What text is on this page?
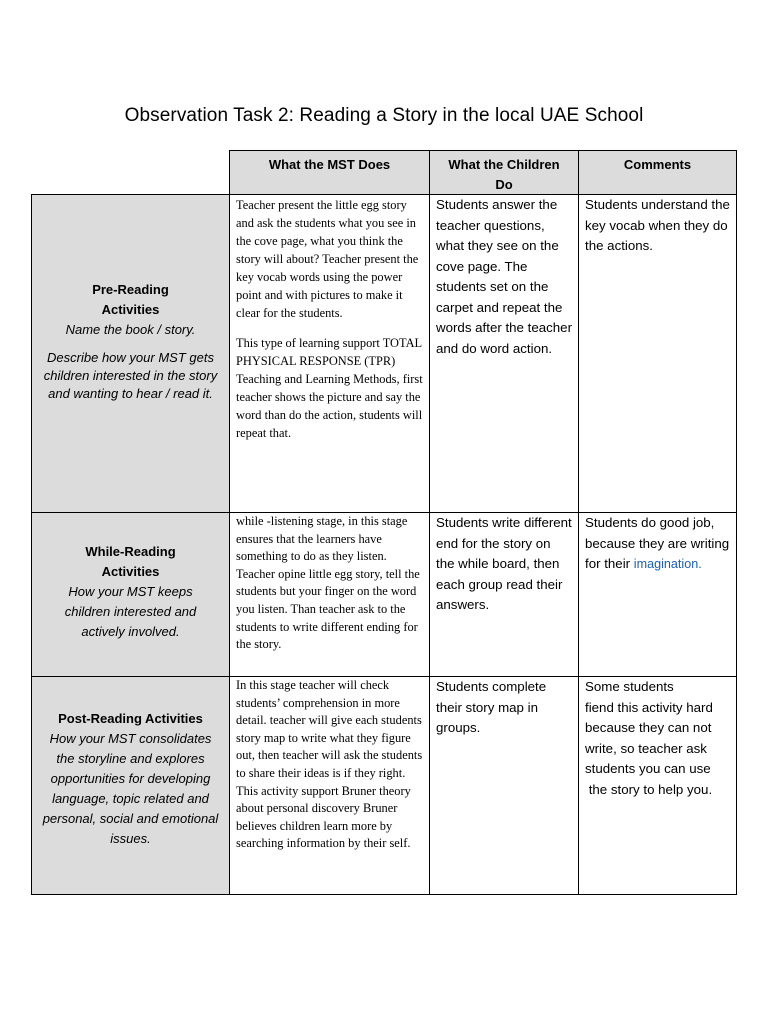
Observation Task 2: Reading a Story in the local UAE School
What the MST Does	What the Children
Do
Comments
Pre-Reading
Activities
Name the book / story.
Describe how your MST gets children interested in the story and wanting to hear / read it.

Teacher present the little egg story and ask the students what you see in the cove page, what you think the story will about? Teacher present the key vocab words using the power point and with pictures to make it clear for the students.

This type of learning support TOTAL PHYSICAL RESPONSE (TPR) Teaching and Learning Methods, first teacher shows the picture and say the word than do the action, students will repeat that.

Students answer the teacher questions, what they see on the cove page. The students set on the carpet and repeat the words after the teacher and do word action.

Students understand the key vocab when they do the actions.

While-Reading
Activities
How your MST keeps children interested and actively involved.

while -listening stage, in this stage ensures that the learners have something to do as they listen. Teacher opine little egg story, tell the students but your finger on the word you listen. Than teacher ask to the students to write different ending for the story.

Students write different end for the story on the while board, then each group read their answers.

Students do good job, because they are writing for their imagination.

Post-Reading Activities
How your MST consolidates the storyline and explores opportunities for developing language, topic related and personal, social and emotional issues.

In this stage teacher will check students’ comprehension in more detail. teacher will give each students story map to write what they figure out, then teacher will ask the students to share their ideas is if they right. This activity support Bruner theory about personal discovery Bruner believes children learn more by searching information by their self.

Students complete their story map in groups.

Some students

fiend this activity hard because they can not write, so teacher ask students you can use

the story to help you.
